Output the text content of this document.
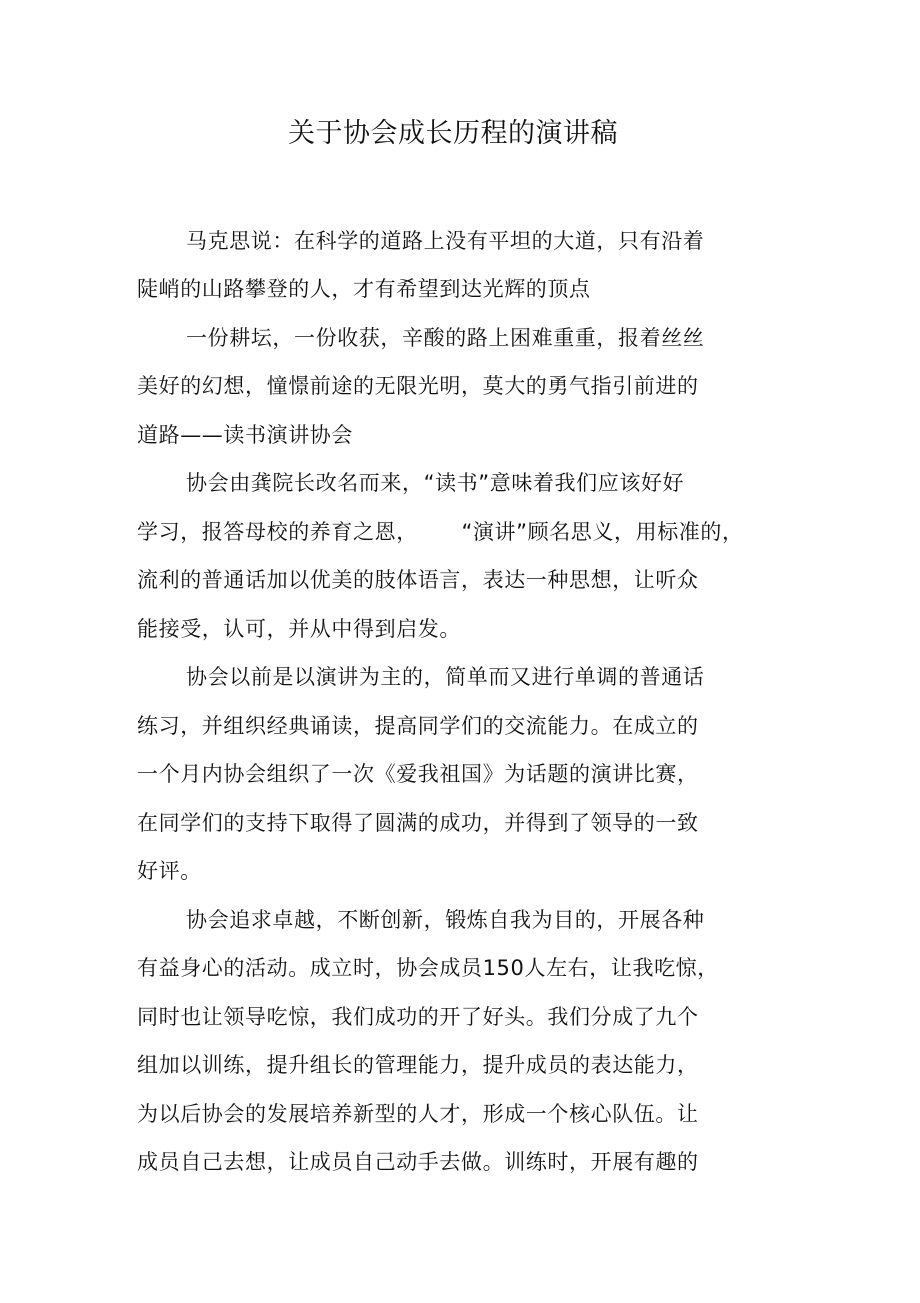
关于协会成长历程的演讲稿
马克思说：在科学的道路上没有平坦的大道，只有沿着
陡峭的山路攀登的人，才有希望到达光辉的顶点
一份耕坛，一份收获，辛酸的路上困难重重，报着丝丝
美好的幻想，憧憬前途的无限光明，莫大的勇气指引前进的
道路——读书演讲协会
协会由龚院长改名而来，“读书”意味着我们应该好好
学习，报答母校的养育之恩，      “演讲”顾名思义，用标准的，
流利的普通话加以优美的肢体语言，表达一种思想，让听众
能接受，认可，并从中得到启发。
协会以前是以演讲为主的，简单而又进行单调的普通话
练习，并组织经典诵读，提高同学们的交流能力。在成立的
一个月内协会组织了一次《爱我祖国》为话题的演讲比赛，
在同学们的支持下取得了圆满的成功，并得到了领导的一致
好评。
协会追求卓越，不断创新，锻炼自我为目的，开展各种
有益身心的活动。成立时，协会成员150人左右，让我吃惊，
同时也让领导吃惊，我们成功的开了好头。我们分成了九个
组加以训练，提升组长的管理能力，提升成员的表达能力，
为以后协会的发展培养新型的人才，形成一个核心队伍。让
成员自己去想，让成员自己动手去做。训练时，开展有趣的
